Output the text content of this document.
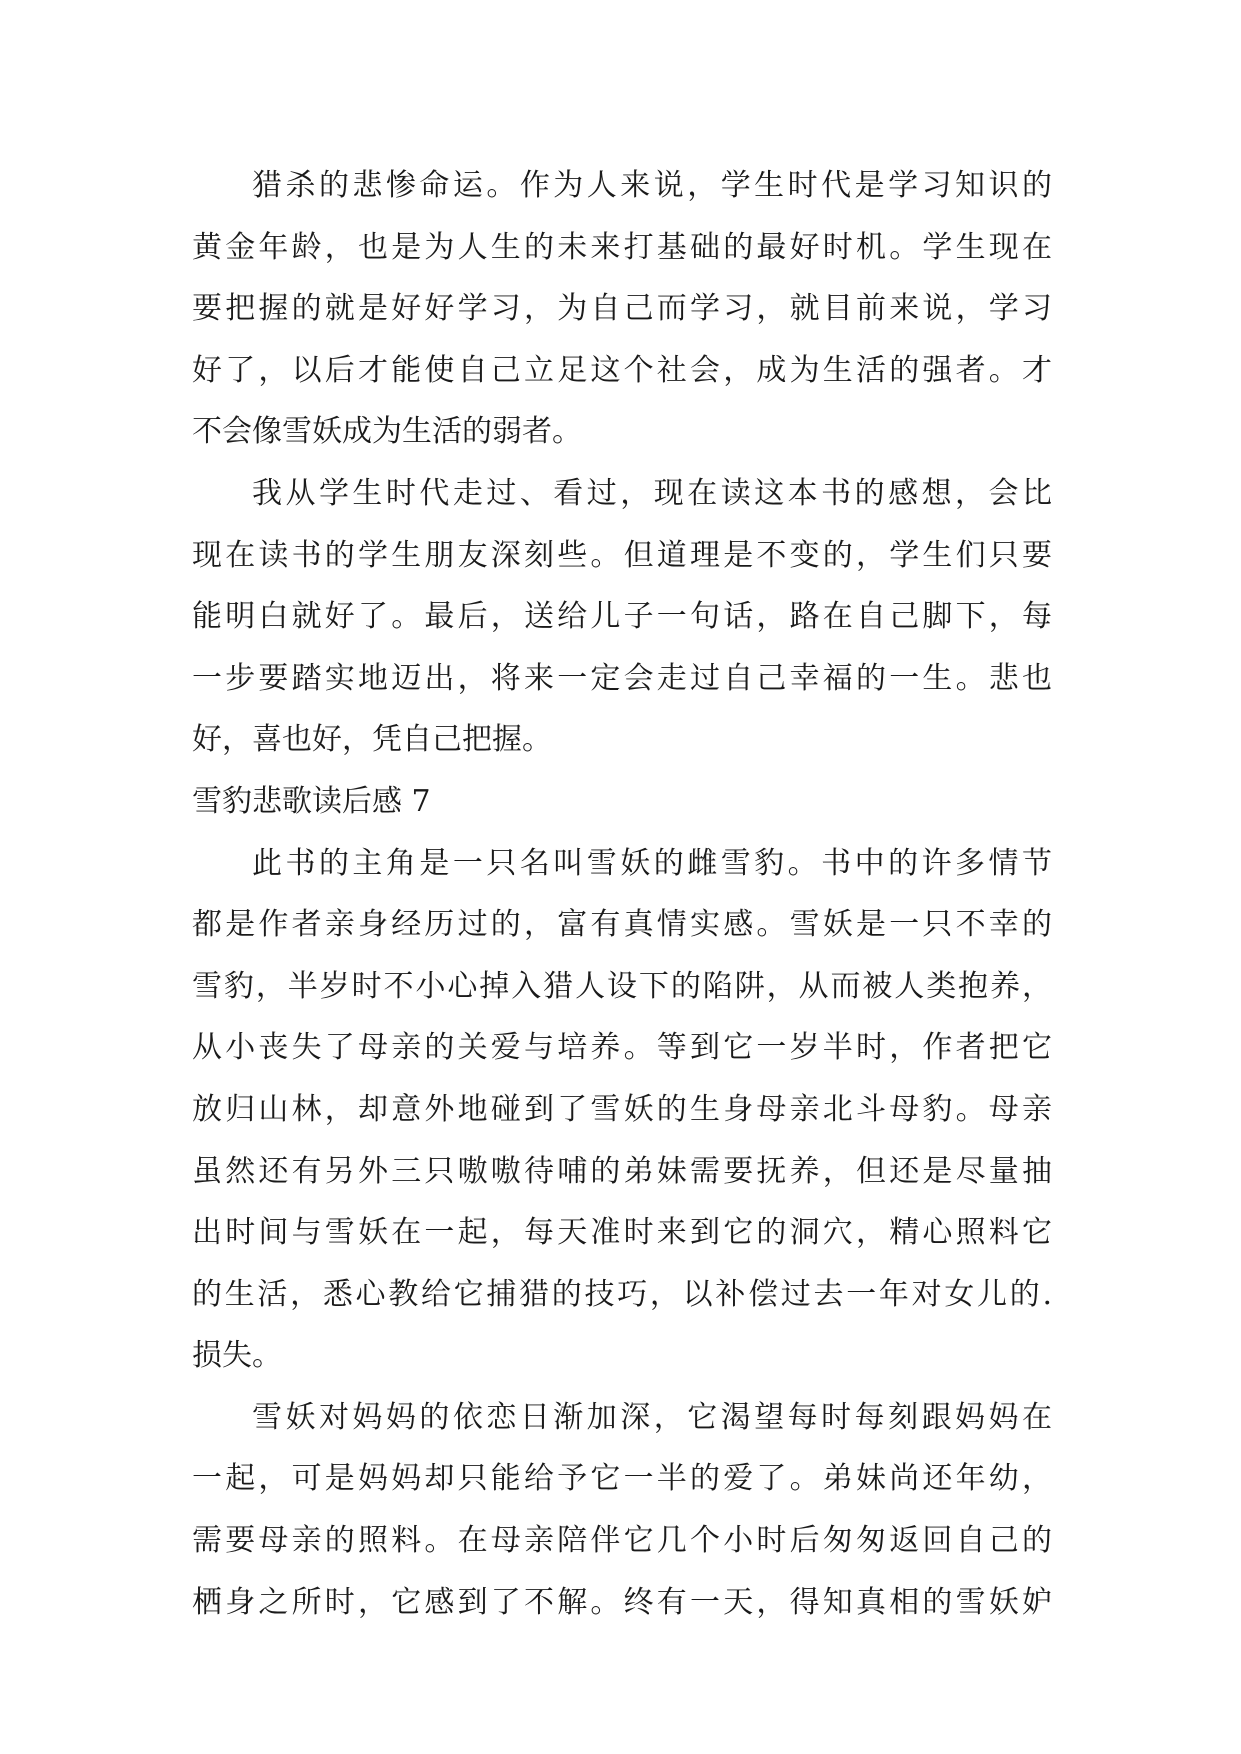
猎杀的悲惨命运。作为人来说，学生时代是学习知识的
黄金年龄，也是为人生的未来打基础的最好时机。学生现在
要把握的就是好好学习，为自己而学习，就目前来说，学习
好了，以后才能使自己立足这个社会，成为生活的强者。才
不会像雪妖成为生活的弱者。
我从学生时代走过、看过，现在读这本书的感想，会比
现在读书的学生朋友深刻些。但道理是不变的，学生们只要
能明白就好了。最后，送给儿子一句话，路在自己脚下，每
一步要踏实地迈出，将来一定会走过自己幸福的一生。悲也
好，喜也好，凭自己把握。
雪豹悲歌读后感 7
此书的主角是一只名叫雪妖的雌雪豹。书中的许多情节
都是作者亲身经历过的，富有真情实感。雪妖是一只不幸的
雪豹，半岁时不小心掉入猎人设下的陷阱，从而被人类抱养，
从小丧失了母亲的关爱与培养。等到它一岁半时，作者把它
放归山林，却意外地碰到了雪妖的生身母亲北斗母豹。母亲
虽然还有另外三只嗷嗷待哺的弟妹需要抚养，但还是尽量抽
出时间与雪妖在一起，每天准时来到它的洞穴，精心照料它
的生活，悉心教给它捕猎的技巧，以补偿过去一年对女儿的.
损失。
雪妖对妈妈的依恋日渐加深，它渴望每时每刻跟妈妈在
一起，可是妈妈却只能给予它一半的爱了。弟妹尚还年幼，
需要母亲的照料。在母亲陪伴它几个小时后匆匆返回自己的
栖身之所时，它感到了不解。终有一天，得知真相的雪妖妒
